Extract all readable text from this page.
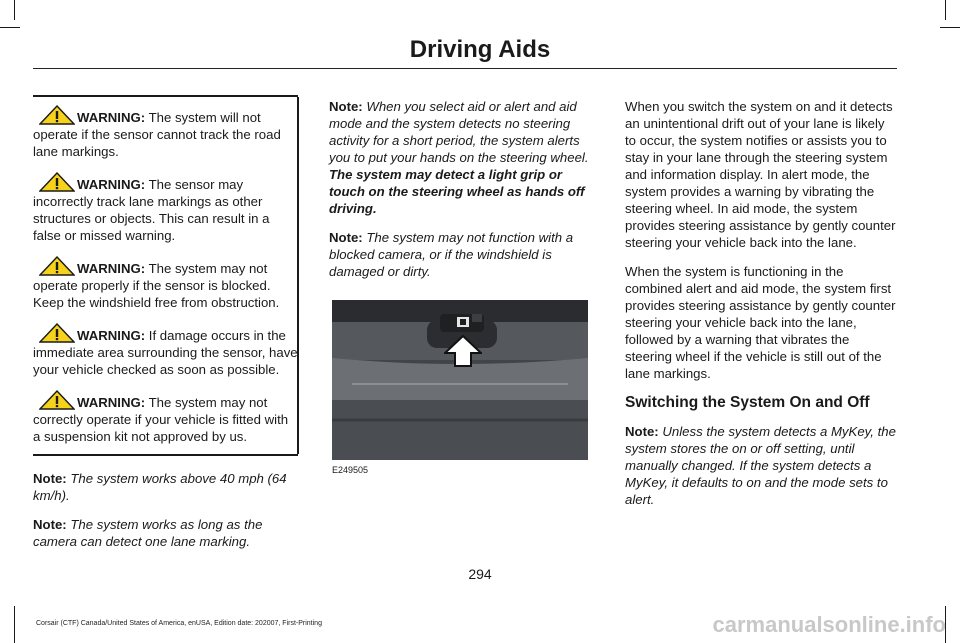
Driving Aids
WARNING: The system will not operate if the sensor cannot track the road lane markings.
WARNING: The sensor may incorrectly track lane markings as other structures or objects. This can result in a false or missed warning.
WARNING: The system may not operate properly if the sensor is blocked. Keep the windshield free from obstruction.
WARNING: If damage occurs in the immediate area surrounding the sensor, have your vehicle checked as soon as possible.
WARNING: The system may not correctly operate if your vehicle is fitted with a suspension kit not approved by us.

Note: The system works above 40 mph (64 km/h).

Note: The system works as long as the camera can detect one lane marking.

Note: When you select aid or alert and aid mode and the system detects no steering activity for a short period, the system alerts you to put your hands on the steering wheel. The system may detect a light grip or touch on the steering wheel as hands off driving.

Note: The system may not function with a blocked camera, or if the windshield is damaged or dirty.

E249505

When you switch the system on and it detects an unintentional drift out of your lane is likely to occur, the system notifies or assists you to stay in your lane through the steering system and information display. In alert mode, the system provides a warning by vibrating the steering wheel. In aid mode, the system provides steering assistance by gently counter steering your vehicle back into the lane.

When the system is functioning in the combined alert and aid mode, the system first provides steering assistance by gently counter steering your vehicle back into the lane, followed by a warning that vibrates the steering wheel if the vehicle is still out of the lane markings.

Switching the System On and Off

Note: Unless the system detects a MyKey, the system stores the on or off setting, until manually changed. If the system detects a MyKey, it defaults to on and the mode sets to alert.

294
Corsair (CTF) Canada/United States of America, enUSA, Edition date: 202007, First-Printing	carmanualsonline.info
